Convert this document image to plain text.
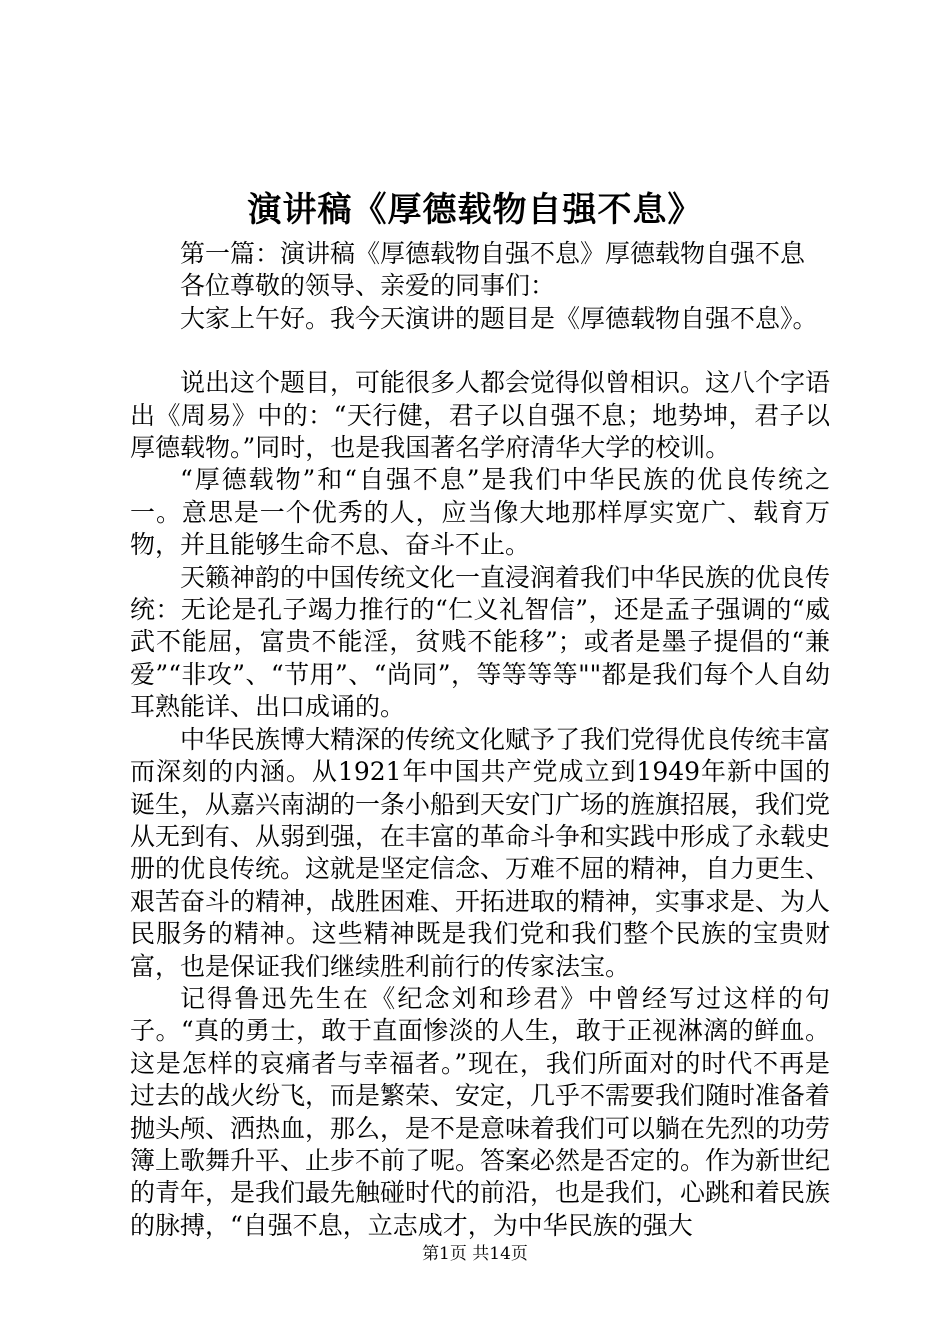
演讲稿《厚德载物自强不息》

第一篇：演讲稿《厚德载物自强不息》厚德载物自强不息

各位尊敬的领导、亲爱的同事们：

大家上午好。我今天演讲的题目是《厚德载物自强不息》。

说出这个题目，可能很多人都会觉得似曾相识。这八个字语出《周易》中的：“天行健，君子以自强不息；地势坤，君子以厚德载物。”同时，也是我国著名学府清华大学的校训。

“厚德载物”和“自强不息”是我们中华民族的优良传统之一。意思是一个优秀的人，应当像大地那样厚实宽广、载育万物，并且能够生命不息、奋斗不止。

天籁神韵的中国传统文化一直浸润着我们中华民族的优良传统：无论是孔子竭力推行的“仁义礼智信”，还是孟子强调的“威武不能屈，富贵不能淫，贫贱不能移”；或者是墨子提倡的“兼爱”“非攻”、“节用”、“尚同”，等等等等""都是我们每个人自幼耳熟能详、出口成诵的。

中华民族博大精深的传统文化赋予了我们党得优良传统丰富而深刻的内涵。从1921年中国共产党成立到1949年新中国的诞生，从嘉兴南湖的一条小船到天安门广场的旌旗招展，我们党从无到有、从弱到强，在丰富的革命斗争和实践中形成了永载史册的优良传统。这就是坚定信念、万难不屈的精神，自力更生、艰苦奋斗的精神，战胜困难、开拓进取的精神，实事求是、为人民服务的精神。这些精神既是我们党和我们整个民族的宝贵财富，也是保证我们继续胜利前行的传家法宝。

记得鲁迅先生在《纪念刘和珍君》中曾经写过这样的句子。“真的勇士，敢于直面惨淡的人生，敢于正视淋漓的鲜血。这是怎样的哀痛者与幸福者。”现在，我们所面对的时代不再是过去的战火纷飞，而是繁荣、安定，几乎不需要我们随时准备着抛头颅、洒热血，那么，是不是意味着我们可以躺在先烈的功劳簿上歌舞升平、止步不前了呢。答案必然是否定的。作为新世纪的青年，是我们最先触碰时代的前沿，也是我们，心跳和着民族的脉搏，“自强不息，立志成才，为中华民族的强大

第1页 共14页
